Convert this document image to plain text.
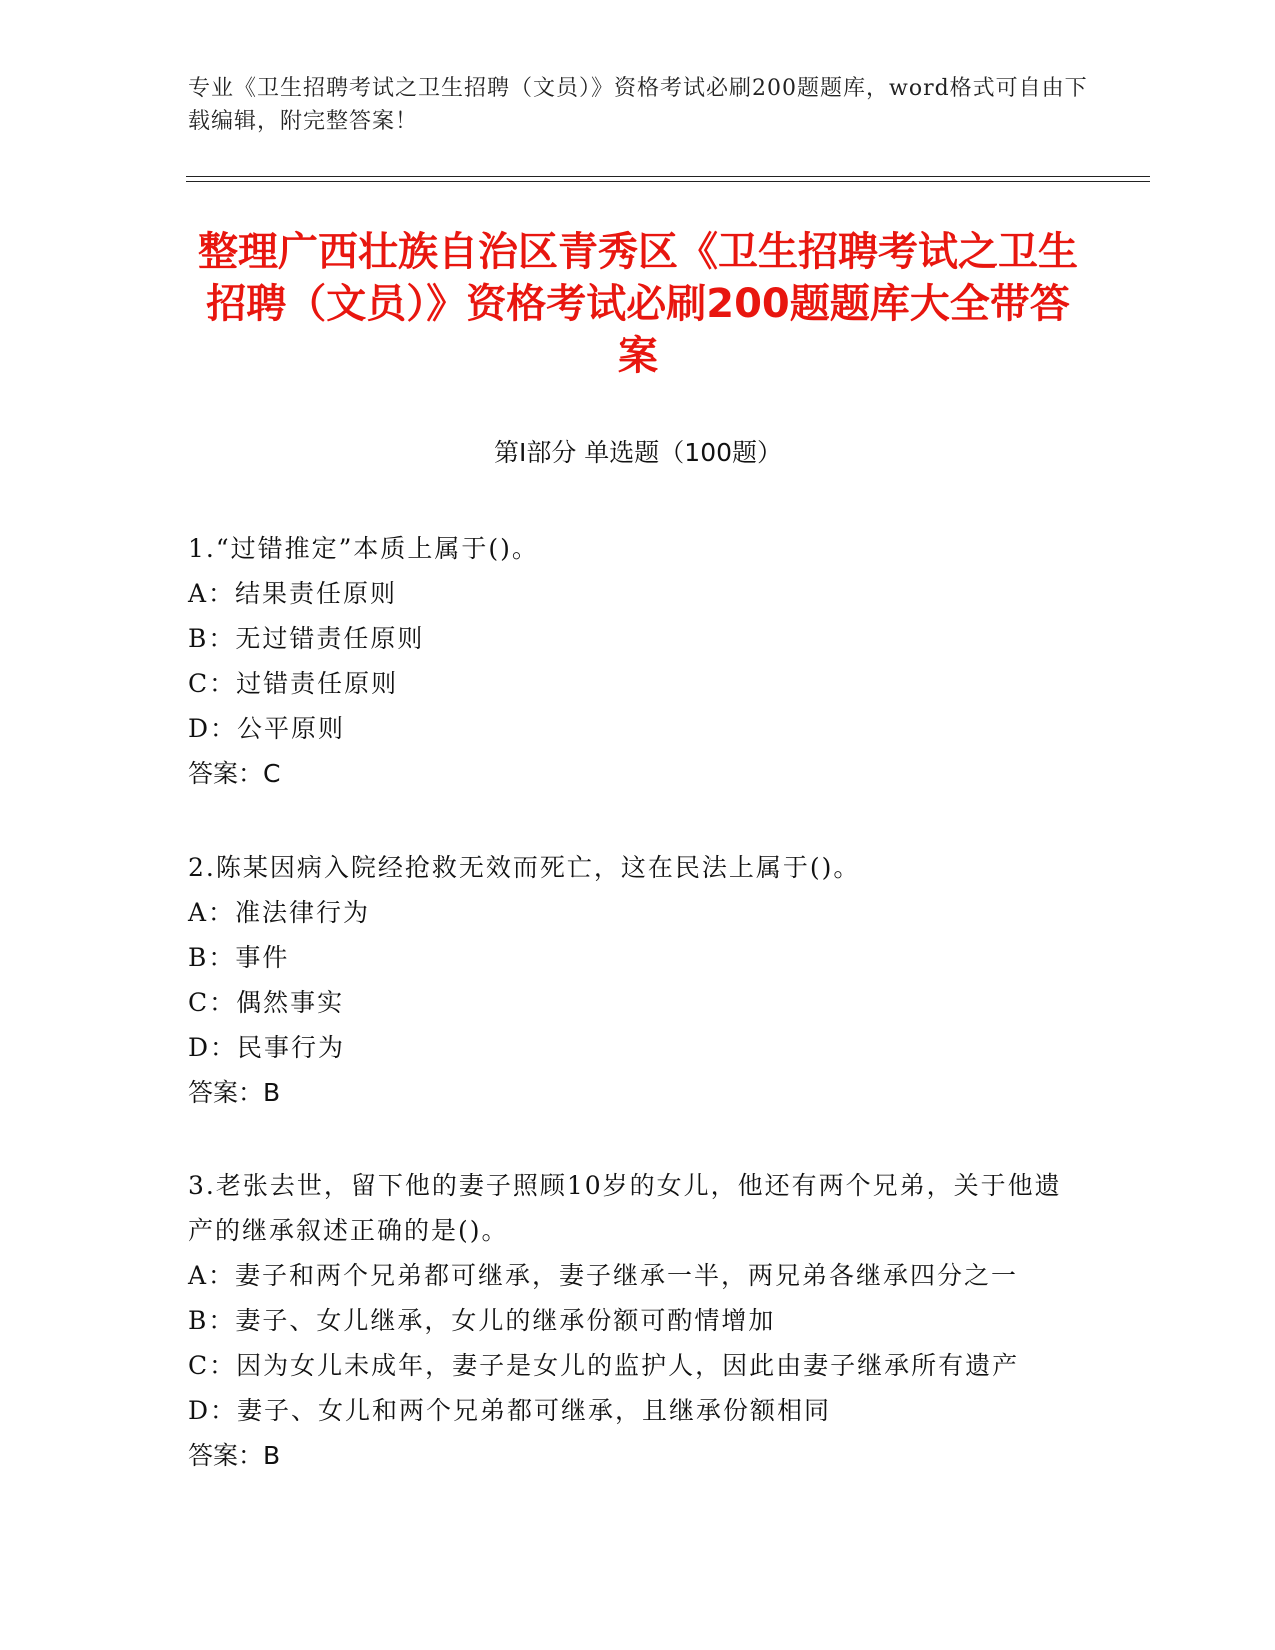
专业《卫生招聘考试之卫生招聘（文员）》资格考试必刷200题题库，word格式可自由下载编辑，附完整答案！
整理广西壮族自治区青秀区《卫生招聘考试之卫生招聘（文员）》资格考试必刷200题题库大全带答案
第Ⅰ部分 单选题（100题）
1.“过错推定”本质上属于()。
A：结果责任原则
B：无过错责任原则
C：过错责任原则
D：公平原则
答案：C
2.陈某因病入院经抢救无效而死亡，这在民法上属于()。
A：准法律行为
B：事件
C：偶然事实
D：民事行为
答案：B
3.老张去世，留下他的妻子照顾10岁的女儿，他还有两个兄弟，关于他遗产的继承叙述正确的是()。
A：妻子和两个兄弟都可继承，妻子继承一半，两兄弟各继承四分之一
B：妻子、女儿继承，女儿的继承份额可酌情增加
C：因为女儿未成年，妻子是女儿的监护人，因此由妻子继承所有遗产
D：妻子、女儿和两个兄弟都可继承，且继承份额相同
答案：B
